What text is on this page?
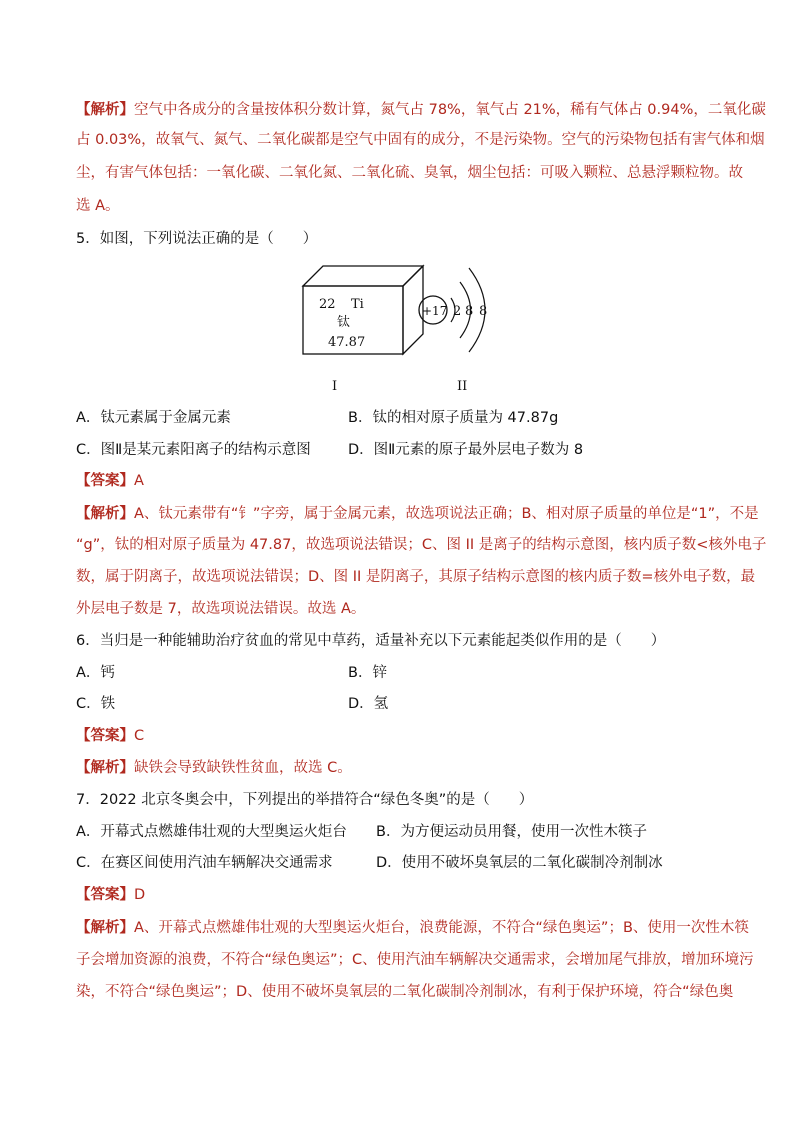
【解析】空气中各成分的含量按体积分数计算，氮气占 78%，氧气占 21%，稀有气体占 0.94%，二氧化碳
占 0.03%，故氧气、氮气、二氧化碳都是空气中固有的成分，不是污染物。空气的污染物包括有害气体和烟
尘，有害气体包括：一氧化碳、二氧化氮、二氧化硫、臭氧，烟尘包括：可吸入颗粒、总悬浮颗粒物。故
选 A。
5．如图，下列说法正确的是（　　）
22 Ti
钛
47.87
+17 2 8 8
I	II
A．钛元素属于金属元素	B．钛的相对原子质量为 47.87g
C．图Ⅱ是某元素阳离子的结构示意图	D．图Ⅱ元素的原子最外层电子数为 8
【答案】A
【解析】A、钛元素带有“钅”字旁，属于金属元素，故选项说法正确；B、相对原子质量的单位是“1”，不是
“g”，钛的相对原子质量为 47.87，故选项说法错误；C、图 II 是离子的结构示意图，核内质子数<核外电子
数，属于阴离子，故选项说法错误；D、图 II 是阴离子，其原子结构示意图的核内质子数=核外电子数，最
外层电子数是 7，故选项说法错误。故选 A。
6．当归是一种能辅助治疗贫血的常见中草药，适量补充以下元素能起类似作用的是（　　）
A．钙	B．锌
C．铁	D．氢
【答案】C
【解析】缺铁会导致缺铁性贫血，故选 C。
7．2022 北京冬奥会中，下列提出的举措符合“绿色冬奥”的是（　　）
A．开幕式点燃雄伟壮观的大型奥运火炬台 B．为方便运动员用餐，使用一次性木筷子
C．在赛区间使用汽油车辆解决交通需求	D．使用不破坏臭氧层的二氧化碳制冷剂制冰
【答案】D
【解析】A、开幕式点燃雄伟壮观的大型奥运火炬台，浪费能源，不符合“绿色奥运”；B、使用一次性木筷
子会增加资源的浪费，不符合“绿色奥运”；C、使用汽油车辆解决交通需求，会增加尾气排放，增加环境污
染，不符合“绿色奥运”；D、使用不破坏臭氧层的二氧化碳制冷剂制冰，有利于保护环境，符合“绿色奥
